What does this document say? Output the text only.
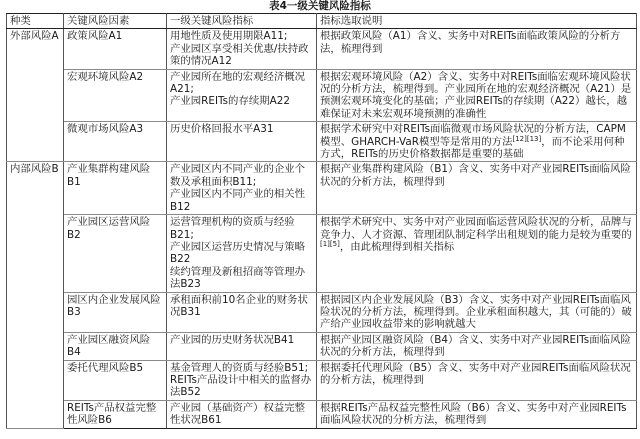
表4一级关键风险指标
种类	关键风险因素	一级关键风险指标	指标选取说明
外部风险A	政策风险A1	用地性质及使用期限A11;

产业园区享受相关优惠/扶持政策的情况A12	根据政策风险（A1）含义、实务中对REITs面临政策风险的分析方法，梳理得到
	宏观环境风险A2	产业园所在地的宏观经济概况A21;

产业园REITs的存续期A22	根据宏观环境风险（A2）含义、实务中对REITs面临宏观环境风险状况的分析方法，梳理得到。产业园所在地的宏观经济概况（A21）是预测宏观环境变化的基础；产业园REITs的存续期（A22）越长，越难保证对未来宏观环境预测的准确性
	微观市场风险A3	历史价格回报水平A31	根据学术研究中对REITs面临微观市场风险状况的分析方法，CAPM模型、GHARCH-VaR模型等是常用的方法[12][13]，而不论采用何种方式，REITs的历史价格数据都是重要的基础
内部风险B	产业集群构建风险B1	产业园区内不同产业的企业个数及承租面积B11;

产业园区内不同产业的相关性B12	根据产业集群构建风险（B1）含义、实务中对产业园REITs面临风险状况的分析方法，梳理得到
	产业园区运营风险B2	运营管理机构的资质与经验B21;

产业园区运营历史情况与策略B22

续约管理及新租招商等管理办法B23	根据学术研究中、实务中对产业园面临运营风险状况的分析，品牌与竞争力、人才资源、管理团队制定科学出租规划的能力是较为重要的[1][5]，由此梳理得到相关指标
	园区内企业发展风险B3	承租面积前10名企业的财务状况B31	根据园区内企业发展风险（B3）含义、实务中对产业园REITs面临风险状况的分析方法，梳理得到。企业承租面积越大，其（可能的）破产给产业园收益带来的影响就越大
	产业园区融资风险B4	产业园的历史财务状况B41	根据产业园区融资风险（B4）含义、实务中对产业园REITs面临风险状况的分析方法，梳理得到
	委托代理风险B5	基金管理人的资质与经验B51;

REITs产品设计中相关的监督办法B52	根据委托代理风险（B5）含义、实务中对产业园REITs面临风险状况的分析方法，梳理得到
	REITs产品权益完整性风险B6	产业园（基础资产）权益完整性状况B61	根据REITs产品权益完整性风险（B6）含义、实务中对产业园REITs面临风险状况的分析方法，梳理得到
